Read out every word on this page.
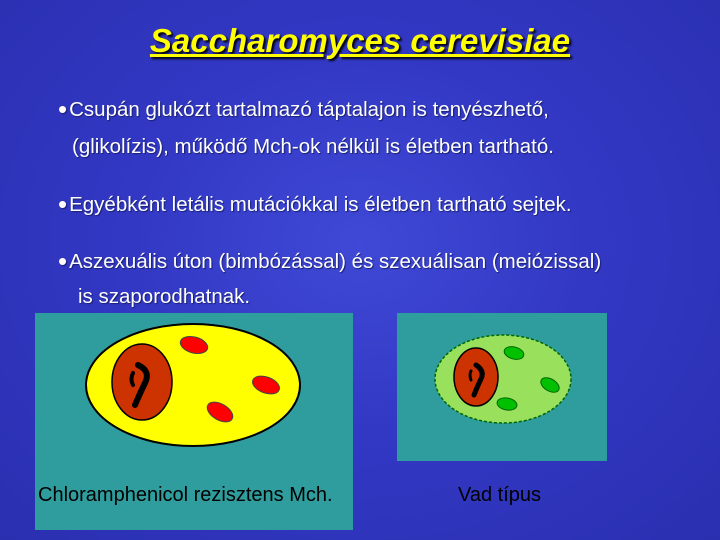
Saccharomyces cerevisiae
•Csupán glukózt tartalmazó táptalajon is tenyészhető,
(glikolízis), működő Mch-ok nélkül is életben tartható.
•Egyébként letális mutációkkal is életben tartható sejtek.
•Aszexuális úton (bimbózással) és szexuálisan (meiózissal)
is szaporodhatnak.
Chloramphenicol rezisztens Mch.	Vad típus
